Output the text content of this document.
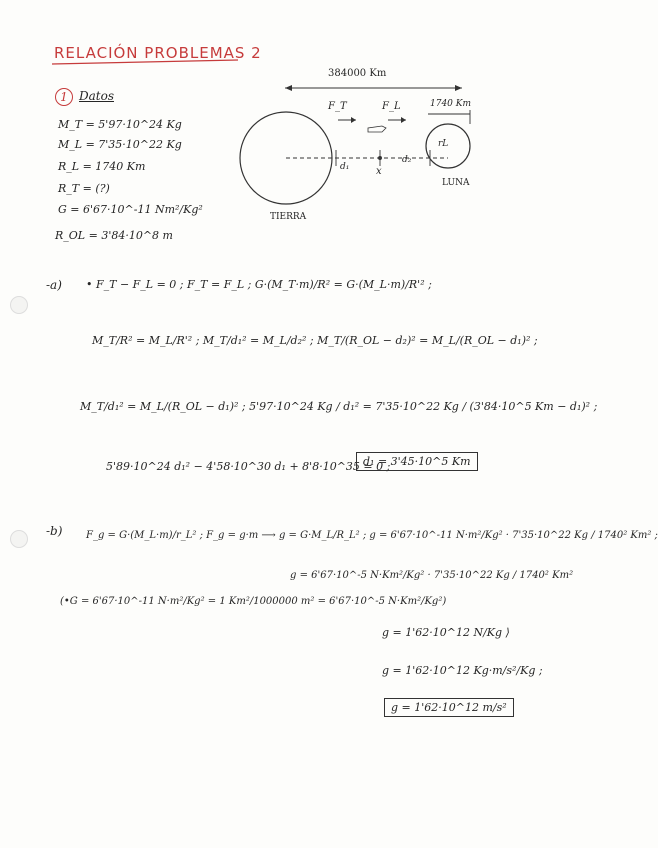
RELACIÓN PROBLEMAS 2
1 Datos
M_T = 5'97·10^24 Kg
M_L = 7'35·10^22 Kg
R_L = 1740 Km
R_T = (?)
G = 6'67·10^-11 Nm²/Kg²
R_OL = 3'84·10^8 m
384000 Km
1740 Km
F_T	F_L
d₁	x
d₂
rL
TIERRA
LUNA
-a) • F_T − F_L = 0 ; F_T = F_L ; G·(M_T·m)/R² = G·(M_L·m)/R'² ;
M_T/R² = M_L/R'² ; M_T/d₁² = M_L/d₂² ; M_T/(R_OL − d₂)² = M_L/(R_OL − d₁)² ;
M_T/d₁² = M_L/(R_OL − d₁)² ; 5'97·10^24 Kg / d₁² = 7'35·10^22 Kg / (3'84·10^5 Km − d₁)² ;
5'89·10^24 d₁² − 4'58·10^30 d₁ + 8'8·10^35 = 0 ;
d₁ = 3'45·10^5 Km
-b) F_g = G·(M_L·m)/r_L² ; F_g = g·m ⟶ g = G·M_L/R_L² ; g = 6'67·10^-11 N·m²/Kg² · 7'35·10^22 Kg / 1740² Km² ;
(•G = 6'67·10^-11 N·m²/Kg² = 1 Km²/1000000 m² = 6'67·10^-5 N·Km²/Kg²)
g = 6'67·10^-5 N·Km²/Kg² · 7'35·10^22 Kg / 1740² Km²
g = 1'62·10^12 N/Kg ⟩
g = 1'62·10^12 Kg·m/s²/Kg ;
g = 1'62·10^12 m/s²
